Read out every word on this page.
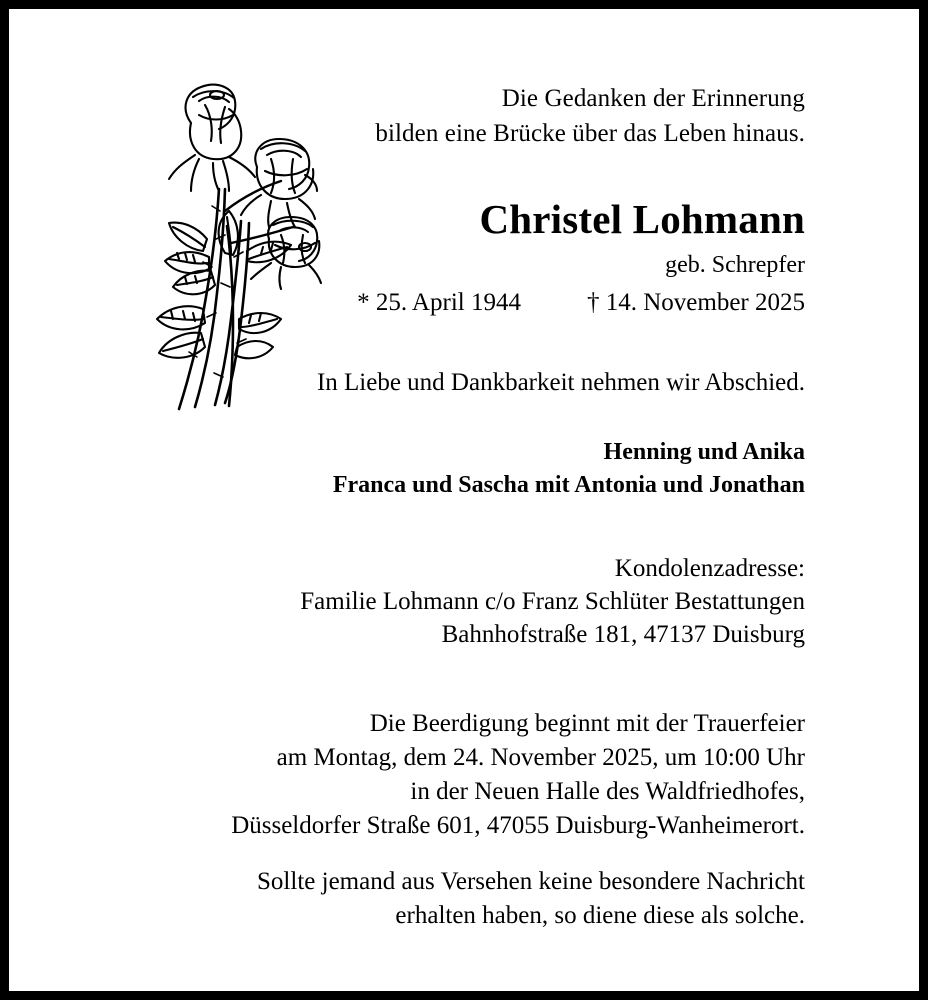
Die Gedanken der Erinnerung
bilden eine Brücke über das Leben hinaus.
Christel Lohmann
geb. Schrepfer
* 25. April 1944	† 14. November 2025
In Liebe und Dankbarkeit nehmen wir Abschied.
Henning und Anika
Franca und Sascha mit Antonia und Jonathan
Kondolenzadresse:
Familie Lohmann c/o Franz Schlüter Bestattungen
Bahnhofstraße 181, 47137 Duisburg
Die Beerdigung beginnt mit der Trauerfeier
am Montag, dem 24. November 2025, um 10:00 Uhr
in der Neuen Halle des Waldfriedhofes,
Düsseldorfer Straße 601, 47055 Duisburg-Wanheimerort.
Sollte jemand aus Versehen keine besondere Nachricht
erhalten haben, so diene diese als solche.
